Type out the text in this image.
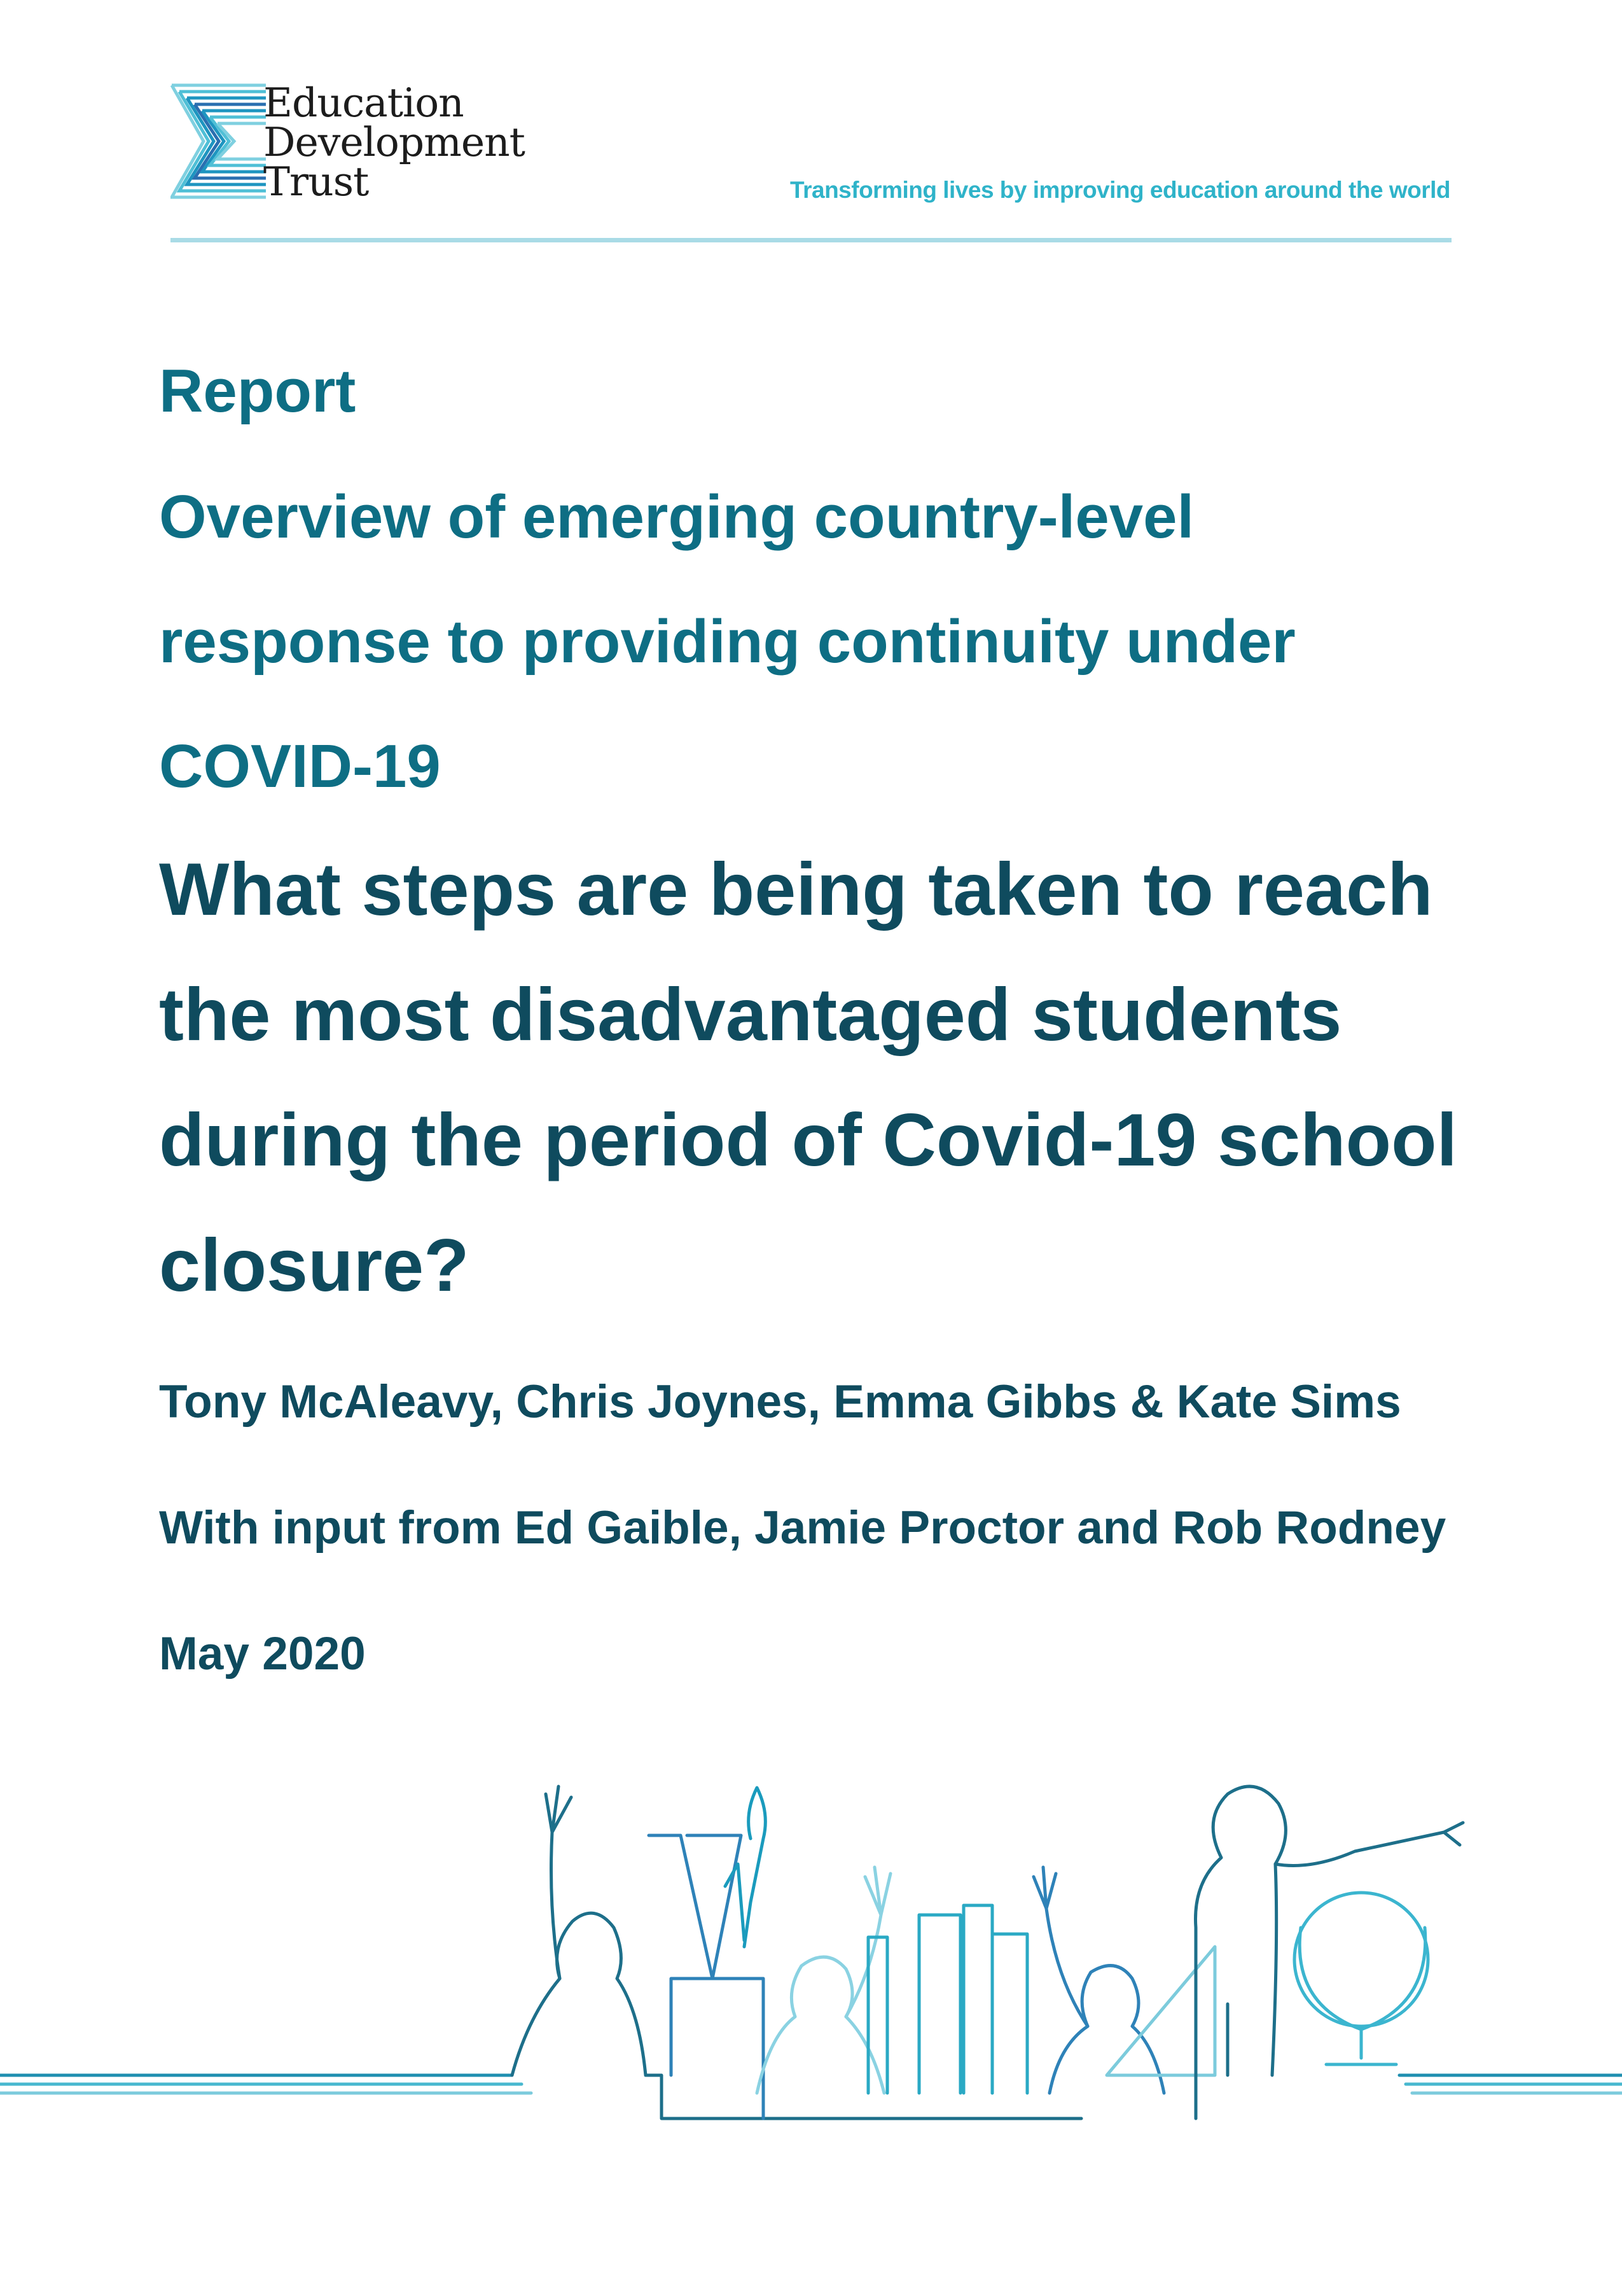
Education
Development
Trust	Transforming lives by improving education around the world
Report
Overview of emerging country-level
response to providing continuity under
COVID-19
What steps are being taken to reach
the most disadvantaged students
during the period of Covid-19 school
closure?
Tony McAleavy, Chris Joynes, Emma Gibbs & Kate Sims
With input from Ed Gaible, Jamie Proctor and Rob Rodney
May 2020
